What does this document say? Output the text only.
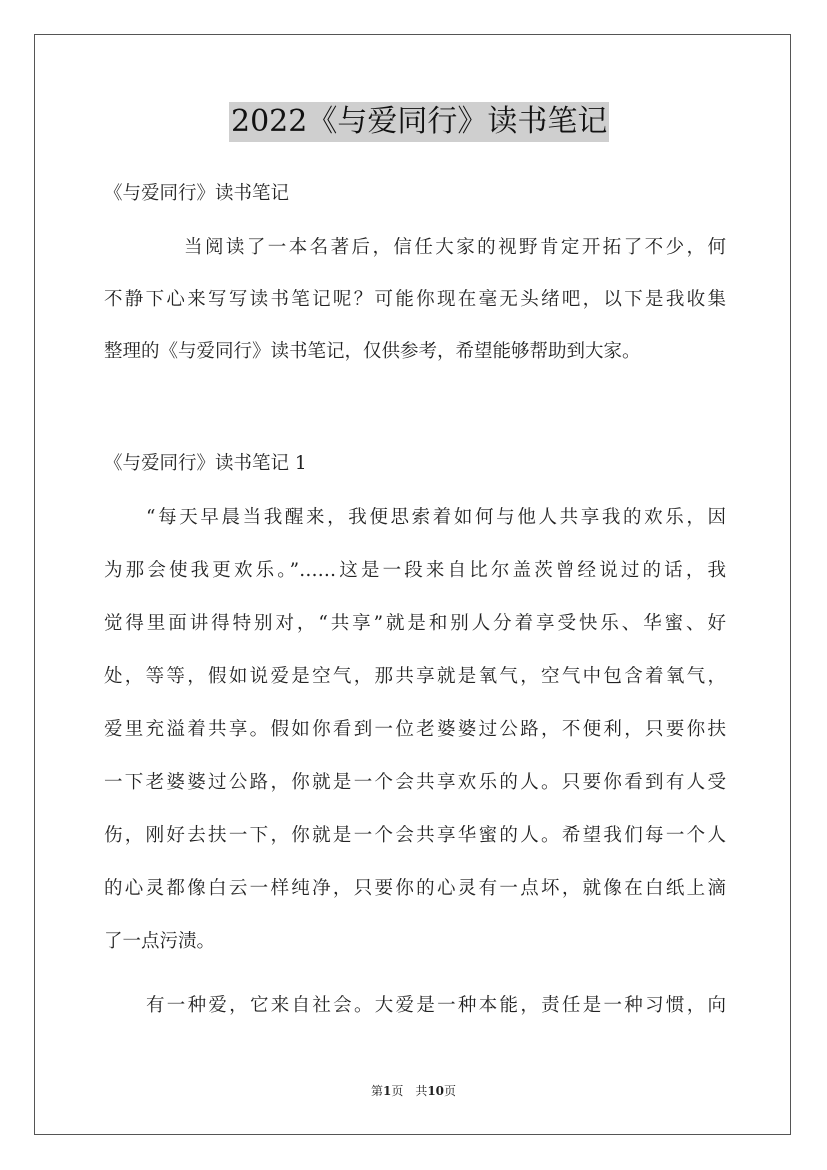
2022《与爱同行》读书笔记
《与爱同行》读书笔记
当阅读了一本名著后，信任大家的视野肯定开拓了不少，何
不静下心来写写读书笔记呢？可能你现在毫无头绪吧，以下是我收集
整理的《与爱同行》读书笔记，仅供参考，希望能够帮助到大家。
《与爱同行》读书笔记 1
“每天早晨当我醒来，我便思索着如何与他人共享我的欢乐，因
为那会使我更欢乐。”……这是一段来自比尔盖茨曾经说过的话，我
觉得里面讲得特别对，“共享”就是和别人分着享受快乐、华蜜、好
处，等等，假如说爱是空气，那共享就是氧气，空气中包含着氧气，
爱里充溢着共享。假如你看到一位老婆婆过公路，不便利，只要你扶
一下老婆婆过公路，你就是一个会共享欢乐的人。只要你看到有人受
伤，刚好去扶一下，你就是一个会共享华蜜的人。希望我们每一个人
的心灵都像白云一样纯净，只要你的心灵有一点坏，就像在白纸上滴
了一点污渍。
有一种爱，它来自社会。大爱是一种本能，责任是一种习惯，向
第1页　共10页
